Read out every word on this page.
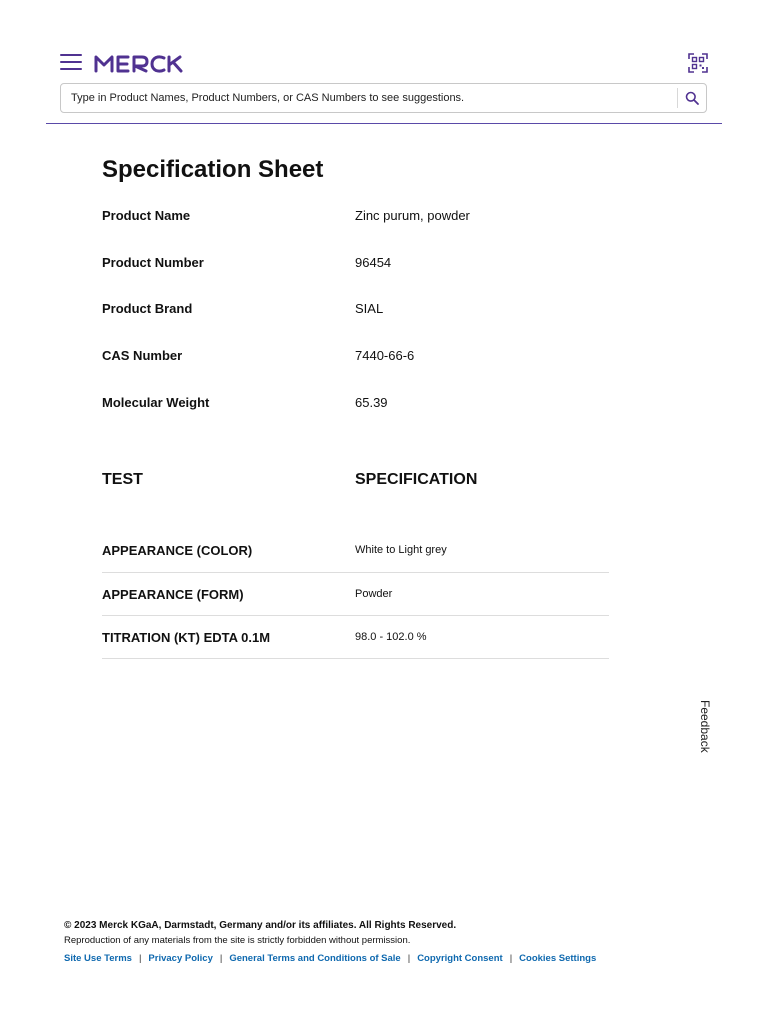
Type in Product Names, Product Numbers, or CAS Numbers to see suggestions.
Specification Sheet
Product Name	Zinc purum, powder
Product Number	96454
Product Brand	SIAL
CAS Number	7440-66-6
Molecular Weight	65.39
TEST	SPECIFICATION
APPEARANCE (COLOR)	White to Light grey
APPEARANCE (FORM)	Powder
TITRATION (KT) EDTA 0.1M	98.0 - 102.0 %
Feedback
© 2023 Merck KGaA, Darmstadt, Germany and/or its affiliates. All Rights Reserved.
Reproduction of any materials from the site is strictly forbidden without permission.
Site Use Terms | Privacy Policy | General Terms and Conditions of Sale | Copyright Consent | Cookies Settings
